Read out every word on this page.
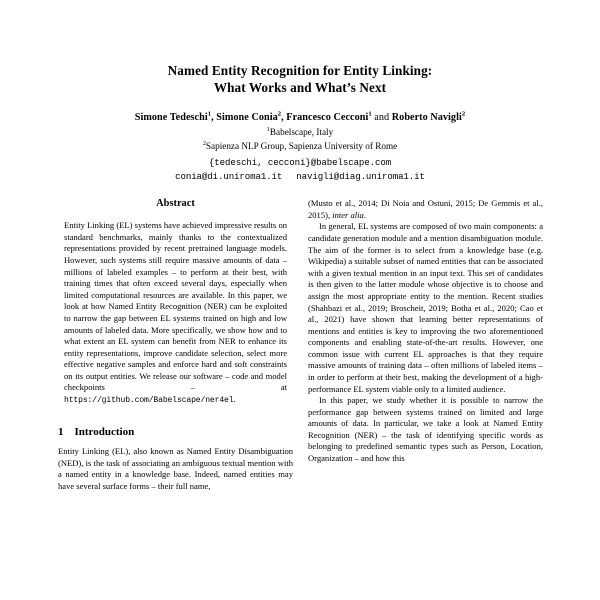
Named Entity Recognition for Entity Linking:
What Works and What’s Next
Simone Tedeschi$^1$, Simone Conia$^2$, Francesco Cecconi$^1$ and Roberto Navigli$^2$
$^1$Babelscape, Italy
$^2$Sapienza NLP Group, Sapienza University of Rome
{tedeschi, cecconi}@babelscape.com
conia@di.uniroma1.it navigli@diag.uniroma1.it
Abstract

Entity Linking (EL) systems have achieved impressive results on standard benchmarks, mainly thanks to the contextualized representations provided by recent pretrained language models. However, such systems still require massive amounts of data – millions of labeled examples – to perform at their best, with training times that often exceed several days, especially when limited computational resources are available. In this paper, we look at how Named Entity Recognition (NER) can be exploited to narrow the gap between EL systems trained on high and low amounts of labeled data. More specifically, we show how and to what extent an EL system can benefit from NER to enhance its entity representations, improve candidate selection, select more effective negative samples and enforce hard and soft constraints on its output entities. We release our software – code and model checkpoints – at https://github.com/Babelscape/ner4el.

1 Introduction

Entity Linking (EL), also known as Named Entity Disambiguation (NED), is the task of associating an ambiguous textual mention with a named entity in a knowledge base. Indeed, named entities may have several surface forms – their full name,

(Musto et al., 2014; Di Noia and Ostuni, 2015; De Gemmis et al., 2015), inter alia.

In general, EL systems are composed of two main components: a candidate generation module and a mention disambiguation module. The aim of the former is to select from a knowledge base (e.g. Wikipedia) a suitable subset of named entities that can be associated with a given textual mention in an input text. This set of candidates is then given to the latter module whose objective is to choose and assign the most appropriate entity to the mention. Recent studies (Shahbazi et al., 2019; Broscheit, 2019; Botha et al., 2020; Cao et al., 2021) have shown that learning better representations of mentions and entities is key to improving the two aforementioned components and enabling state-of-the-art results. However, one common issue with current EL approaches is that they require massive amounts of training data – often millions of labeled items – in order to perform at their best, making the development of a high-performance EL system viable only to a limited audience.

In this paper, we study whether it is possible to narrow the performance gap between systems trained on limited and large amounts of data. In particular, we take a look at Named Entity Recognition (NER) – the task of identifying specific words as belonging to predefined semantic types such as Person, Location, Organization – and how this
